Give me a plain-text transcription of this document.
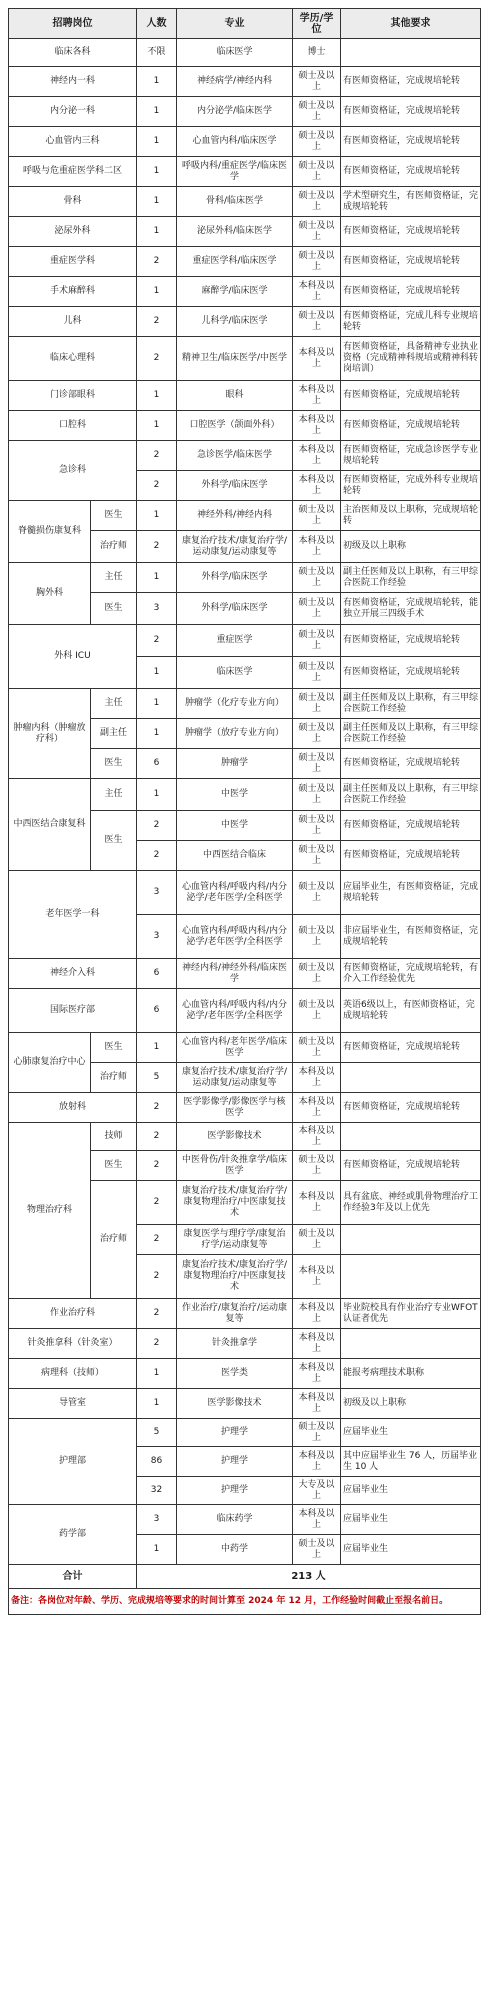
招聘岗位		人数	专业	学历/学位	其他要求
临床各科		不限	临床医学	博士	
神经内一科		1	神经病学/神经内科	硕士及以上	有医师资格证，完成规培轮转
内分泌一科		1	内分泌学/临床医学	硕士及以上	有医师资格证，完成规培轮转
心血管内三科		1	心血管内科/临床医学	硕士及以上	有医师资格证，完成规培轮转
呼吸与危重症医学科二区		1	呼吸内科/重症医学/临床医学	硕士及以上	有医师资格证，完成规培轮转
骨科		1	骨科/临床医学	硕士及以上	学术型研究生，有医师资格证，完成规培轮转
泌尿外科		1	泌尿外科/临床医学	硕士及以上	有医师资格证，完成规培轮转
重症医学科		2	重症医学科/临床医学	硕士及以上	有医师资格证，完成规培轮转
手术麻醉科		1	麻醉学/临床医学	本科及以上	有医师资格证，完成规培轮转
儿科		2	儿科学/临床医学	硕士及以上	有医师资格证，完成儿科专业规培轮转
临床心理科		2	精神卫生/临床医学/中医学	本科及以上	有医师资格证，具备精神专业执业资格（完成精神科规培或精神科转岗培训）
门诊部眼科		1	眼科	本科及以上	有医师资格证，完成规培轮转
口腔科		1	口腔医学（颌面外科）	本科及以上	有医师资格证，完成规培轮转
急诊科		2	急诊医学/临床医学	本科及以上	有医师资格证，完成急诊医学专业规培轮转
		2	外科学/临床医学	本科及以上	有医师资格证，完成外科专业规培轮转
脊髓损伤康复科	医生	1	神经外科/神经内科	硕士及以上	主治医师及以上职称，完成规培轮转
	治疗师	2	康复治疗技术/康复治疗学/运动康复/运动康复等	本科及以上	初级及以上职称
胸外科	主任	1	外科学/临床医学	硕士及以上	副主任医师及以上职称，有三甲综合医院工作经验
	医生	3	外科学/临床医学	硕士及以上	有医师资格证，完成规培轮转，能独立开展三四级手术
外科 ICU		2	重症医学	硕士及以上	有医师资格证，完成规培轮转
		1	临床医学	硕士及以上	有医师资格证，完成规培轮转
肿瘤内科（肿瘤放疗科）	主任	1	肿瘤学（化疗专业方向）	硕士及以上	副主任医师及以上职称，有三甲综合医院工作经验
	副主任	1	肿瘤学（放疗专业方向）	硕士及以上	副主任医师及以上职称，有三甲综合医院工作经验
	医生	6	肿瘤学	硕士及以上	有医师资格证，完成规培轮转
中西医结合康复科	主任	1	中医学	硕士及以上	副主任医师及以上职称，有三甲综合医院工作经验
	医生	2	中医学	硕士及以上	有医师资格证，完成规培轮转
		2	中西医结合临床	硕士及以上	有医师资格证，完成规培轮转
老年医学一科		3	心血管内科/呼吸内科/内分泌学/老年医学/全科医学	硕士及以上	应届毕业生，有医师资格证，完成规培轮转
		3	心血管内科/呼吸内科/内分泌学/老年医学/全科医学	硕士及以上	非应届毕业生，有医师资格证，完成规培轮转
神经介入科		6	神经内科/神经外科/临床医学	硕士及以上	有医师资格证，完成规培轮转，有介入工作经验优先
国际医疗部		6	心血管内科/呼吸内科/内分泌学/老年医学/全科医学	硕士及以上	英语6级以上，有医师资格证，完成规培轮转
心肺康复治疗中心	医生	1	心血管内科/老年医学/临床医学	硕士及以上	有医师资格证，完成规培轮转
	治疗师	5	康复治疗技术/康复治疗学/运动康复/运动康复等	本科及以上	
放射科		2	医学影像学/影像医学与核医学	本科及以上	有医师资格证，完成规培轮转
物理治疗科	技师	2	医学影像技术	本科及以上	
	医生	2	中医骨伤/针灸推拿学/临床医学	硕士及以上	有医师资格证，完成规培轮转
	治疗师	2	康复治疗技术/康复治疗学/康复物理治疗/中医康复技术	本科及以上	具有盆底、神经或肌骨物理治疗工作经验3年及以上优先
		2	康复医学与理疗学/康复治疗学/运动康复等	硕士及以上	
		2	康复治疗技术/康复治疗学/康复物理治疗/中医康复技术	本科及以上	
作业治疗科		2	作业治疗/康复治疗/运动康复等	本科及以上	毕业院校具有作业治疗专业WFOT认证者优先
针灸推拿科（针灸室）		2	针灸推拿学	本科及以上	
病理科（技师）		1	医学类	本科及以上	能报考病理技术职称
导管室		1	医学影像技术	本科及以上	初级及以上职称
护理部		5	护理学	硕士及以上	应届毕业生
		86	护理学	本科及以上	其中应届毕业生 76 人，历届毕业生 10 人
		32	护理学	大专及以上	应届毕业生
药学部		3	临床药学	本科及以上	应届毕业生
		1	中药学	硕士及以上	应届毕业生
合计		213 人			
备注：各岗位对年龄、学历、完成规培等要求的时间计算至 2024 年 12 月，工作经验时间截止至报名前日。					
